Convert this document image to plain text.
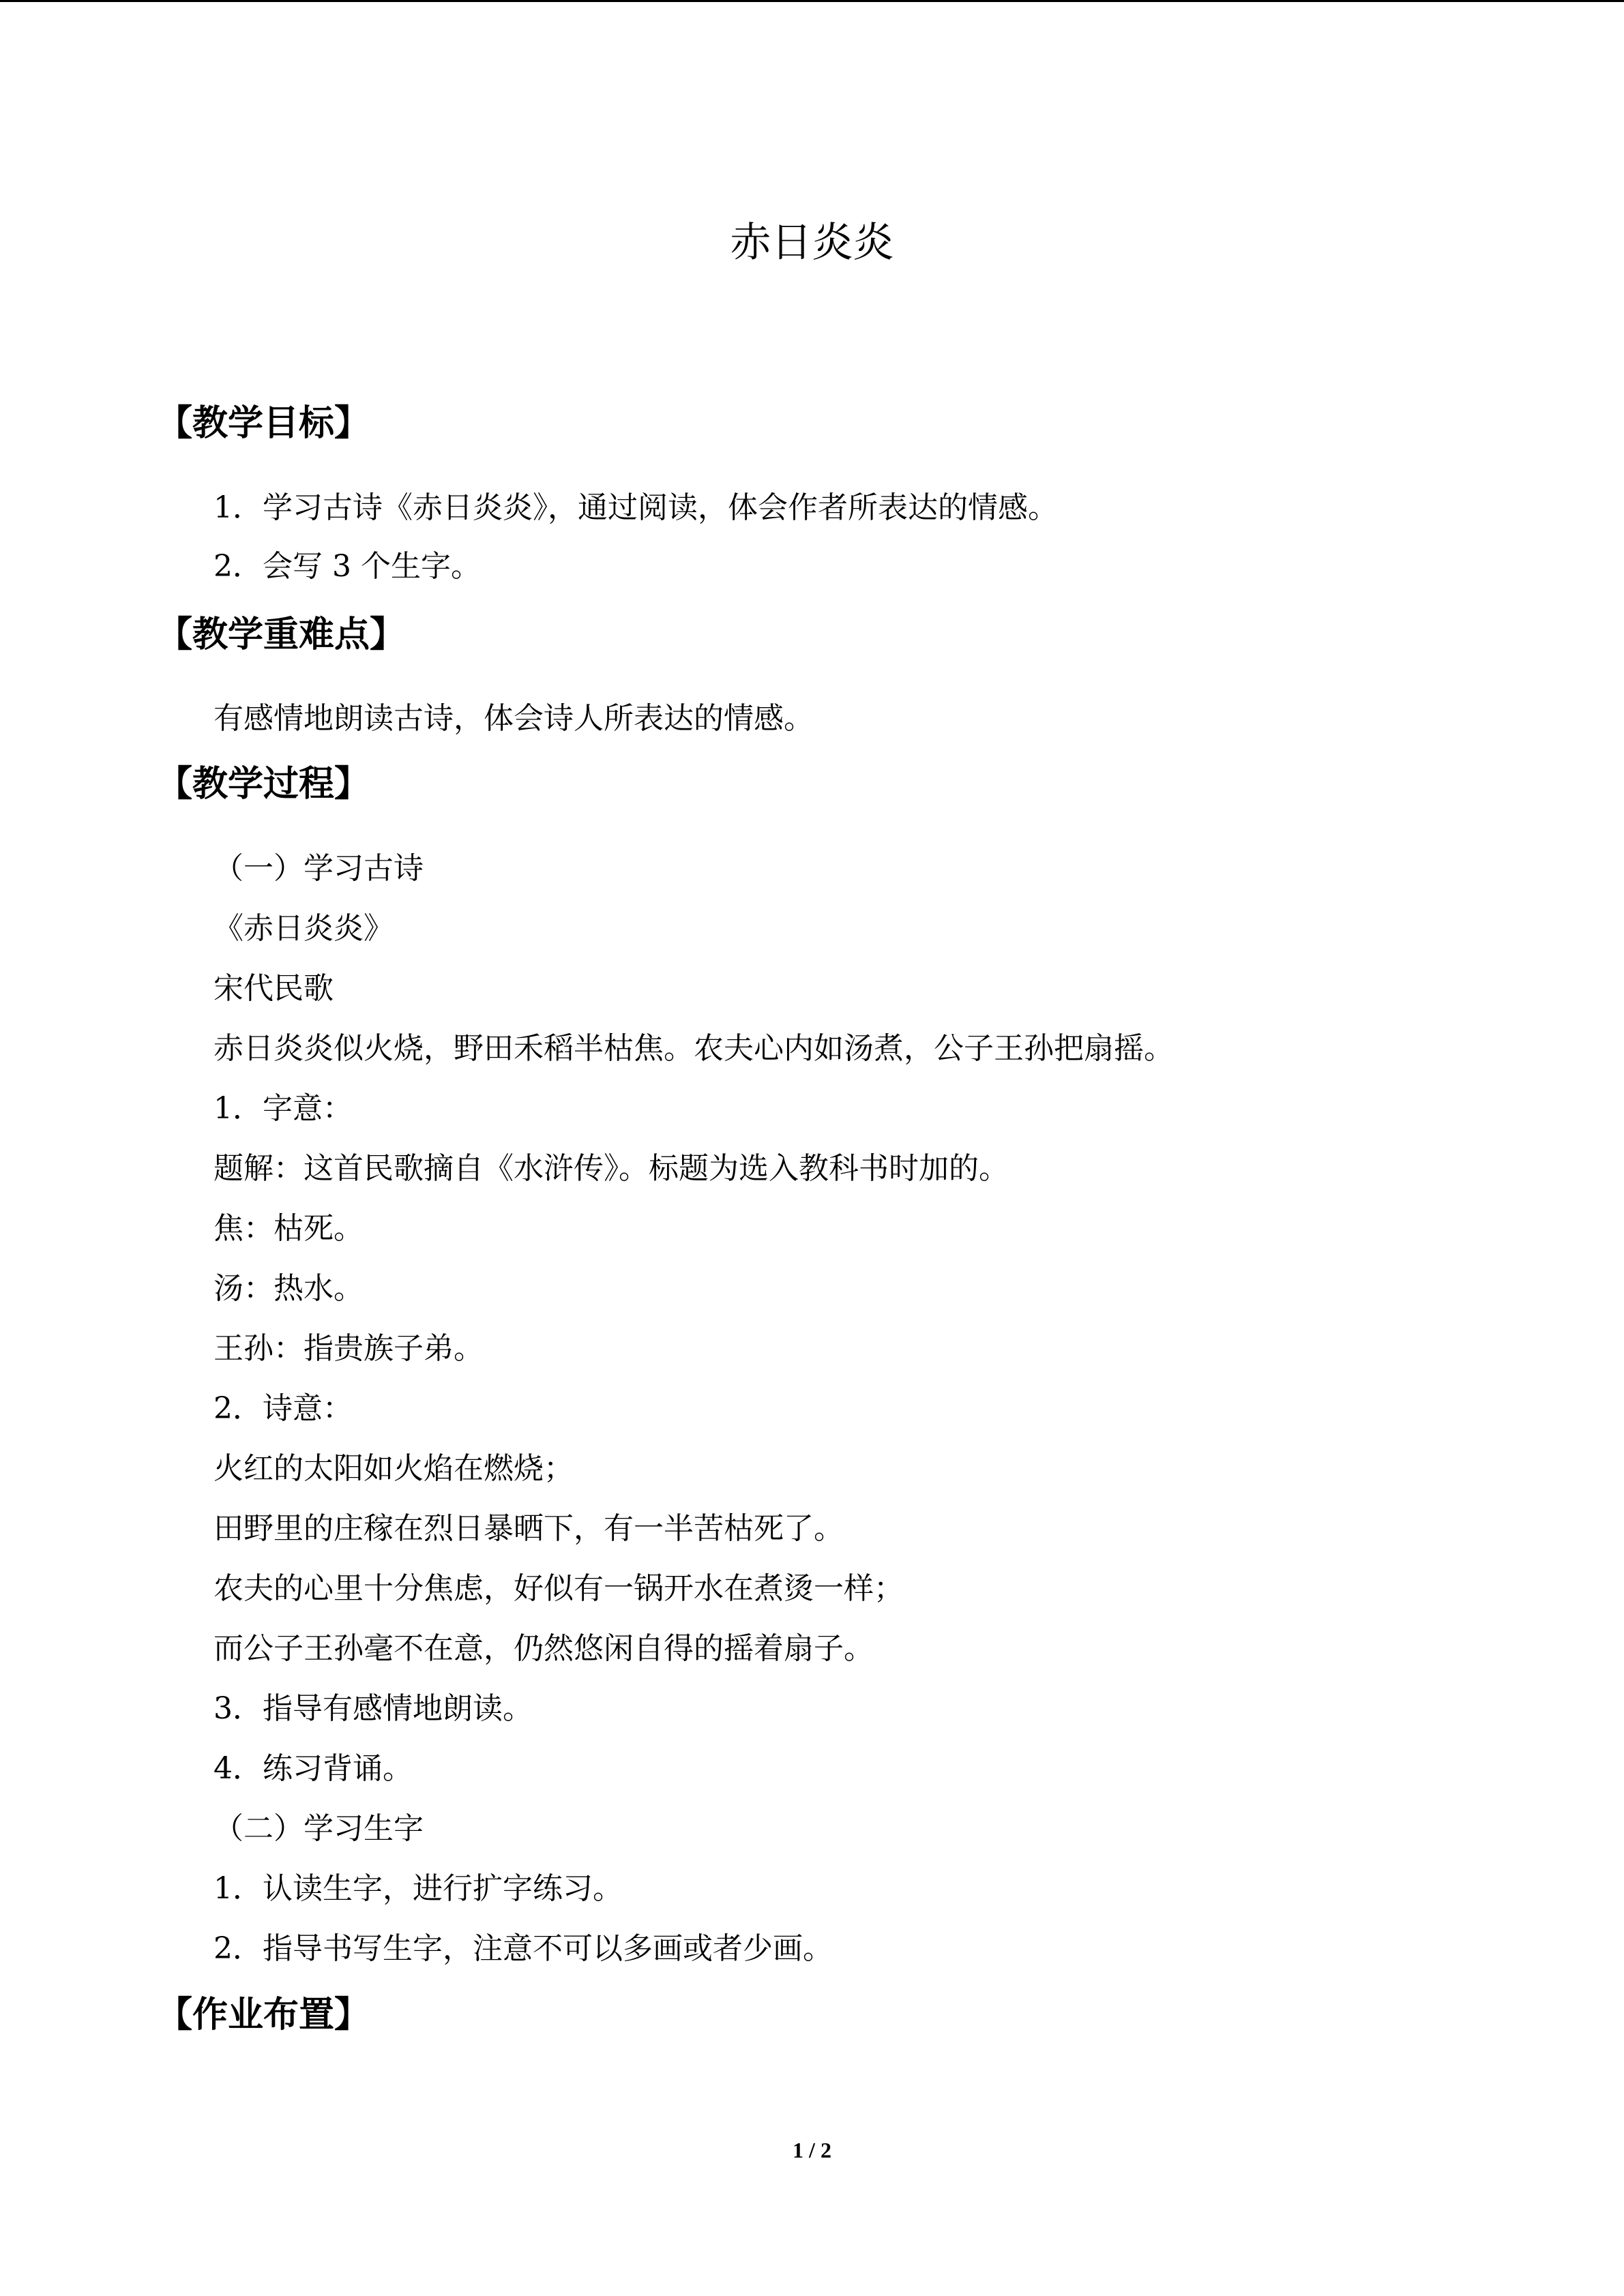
赤日炎炎
【教学目标】
1．学习古诗《赤日炎炎》，通过阅读，体会作者所表达的情感。
2．会写 3 个生字。
【教学重难点】
有感情地朗读古诗，体会诗人所表达的情感。
【教学过程】
（一）学习古诗
《赤日炎炎》
宋代民歌
赤日炎炎似火烧，野田禾稻半枯焦。农夫心内如汤煮，公子王孙把扇摇。
1．字意：
题解：这首民歌摘自《水浒传》。标题为选入教科书时加的。
焦：枯死。
汤：热水。
王孙：指贵族子弟。
2．诗意：
火红的太阳如火焰在燃烧；
田野里的庄稼在烈日暴晒下，有一半苦枯死了。
农夫的心里十分焦虑，好似有一锅开水在煮烫一样；
而公子王孙毫不在意，仍然悠闲自得的摇着扇子。
3．指导有感情地朗读。
4．练习背诵。
（二）学习生字
1．认读生字，进行扩字练习。
2．指导书写生字，注意不可以多画或者少画。
【作业布置】
1 / 2
